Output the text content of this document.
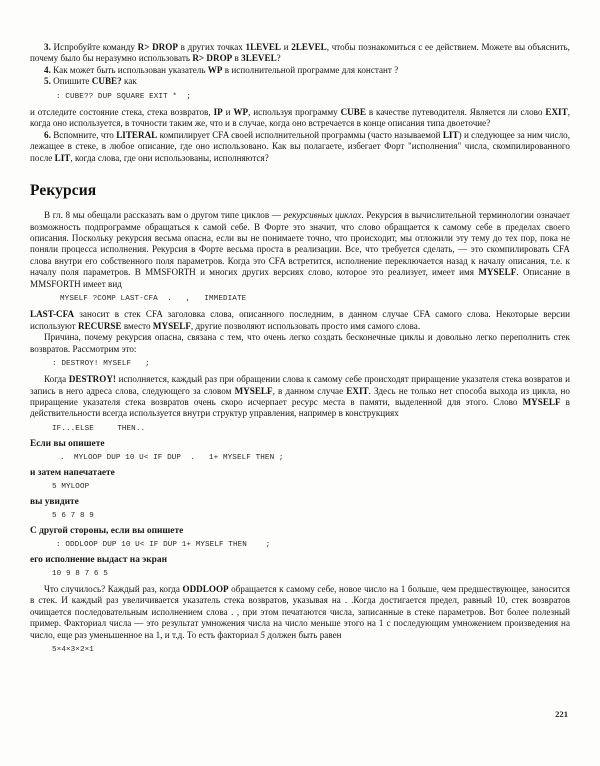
3. Испробуйте команду R> DROP в других точках 1LEVEL и 2LEVEL, чтобы познакомиться с ее действием. Можете вы объяснить, почему было бы неразумно использовать R> DROP в 3LEVEL?

4. Как может быть использован указатель WP в исполнительной программе для констант ?

5. Опишите CUBE? как

: CUBE?? DUP SQUARE EXIT *  ;

и отследите состояние стека, стека возвратов, IP и WP, используя программу CUBE в качестве путеводителя. Является ли слово EXIT, когда оно используется, в точности таким же, что и в случае, когда оно встречается в конце описания типа двоеточие?

6. Вспомните, что LITERAL компилирует CFA своей исполнительной программы (часто называемой LIT) и следующее за ним число, лежащее в стеке, в любое описание, где оно использовано. Как вы полагаете, избегает Форт "исполнения" числа, скомпилированного после LIT, когда слова, где они использованы, исполняются?

Рекурсия

В гл. 8 мы обещали рассказать вам о другом типе циклов — рекурсивных циклах. Рекурсия в вычислительной терминологии означает возможность подпрограмме обращаться к самой себе. В Форте это значит, что слово обращается к самому себе в пределах своего описания. Поскольку рекурсия весьма опасна, если вы не понимаете точно, что происходит, мы отложили эту тему до тех пор, пока не поняли процесса исполнения. Рекурсия в Форте весьма проста в реализации. Все, что требуется сделать, — это скомпилировать CFA слова внутри его собственного поля параметров. Когда это CFA встретится, исполнение переключается назад к началу описания, т.е. к началу поля параметров. В MMSFORTH и многих других версиях слово, которое это реализует, имеет имя MYSELF. Описание в MMSFORTH имеет вид

MYSELF ?COMP LAST-CFA  .   ,   IMMEDIATE

LAST-CFA заносит в стек CFA заголовка слова, описанного последним, в данном случае CFA самого слова. Некоторые версии используют RECURSE вместо MYSELF, другие позволяют использовать просто имя самого слова.

Причина, почему рекурсия опасна, связана с тем, что очень легко создать бесконечные циклы и довольно легко переполнить стек возвратов. Рассмотрим это:

: DESTROY! MYSELF   ;

Когда DESTROY! исполняется, каждый раз при обращении слова к самому себе происходят приращение указателя стека возвратов и запись в него адреса слова, следующего за словом MYSELF, в данном случае EXIT. Здесь не только нет способа выхода из цикла, но приращение указателя стека возвратов очень скоро исчерпает ресурс места в памяти, выделенной для этого. Слово MYSELF в действительности всегда используется внутри структур управления, например в конструкциях

IF...ELSE     THEN..
Если вы опишете
.  MYLOOP DUP 10 U< IF DUP  .   1+ MYSELF THEN ;
и затем напечатаете
5 MYLOOP
вы увидите
5 6 7 8 9
С другой стороны, если вы опишете
: ODDLOOP DUP 10 U< IF DUP 1+ MYSELF THEN    ;
его исполнение выдаст на экран
10 9 8 7 6 5

Что случилось? Каждый раз, когда ODDLOOP обращается к самому себе, новое число на 1 больше, чем предшествующее, заносится в стек. И каждый раз увеличивается указатель стека возвратов, указывая на . .Когда достигается предел, равный 10, стек возвратов очищается последовательным исполнением слова . , при этом печатаются числа, записанные в стеке параметров. Вот более полезный пример. Факториал числа — это результат умножения числа на число меньше этого на 1 с последующим умножением произведения на число, еще раз уменьшенное на 1, и т.д. То есть факториал 5 должен быть равен

5×4×3×2×1
221
